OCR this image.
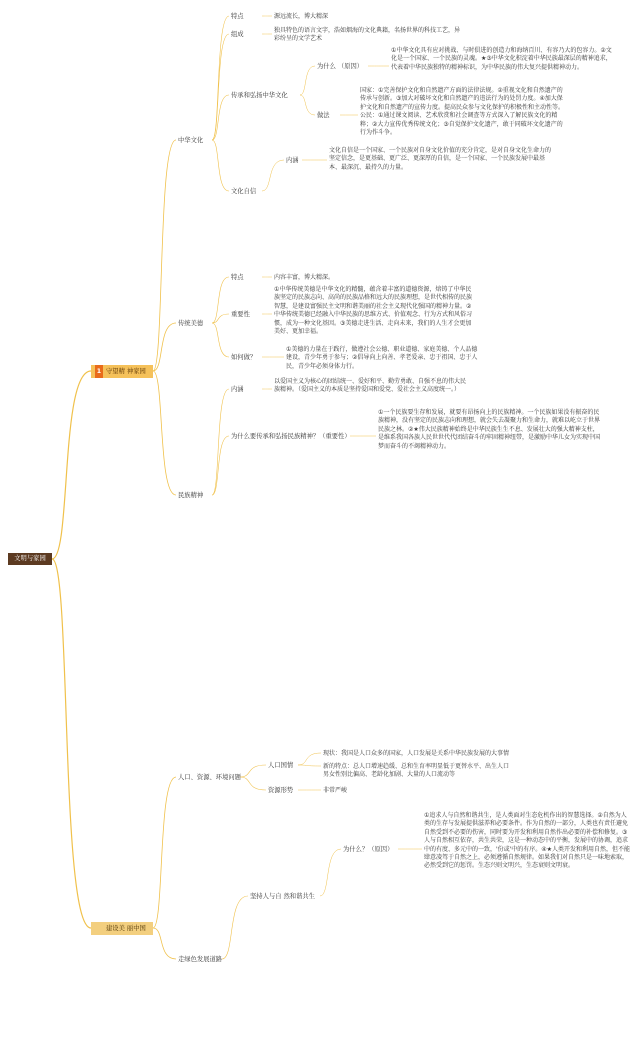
文明与家园
1 守望精 神家园
建设美 丽中国
中华文化
特点	源远流长，博大精深
组成
独具特色的语言文字，浩如烟海的文化典籍，名扬世界的科技工艺，异彩纷呈的文学艺术
传承和弘扬中华文化
为什么 （原因）
①中华文化具有应对挑战、与时俱进的创造力和海纳百川、有容乃大的包容力。②文化是一个国家、一个民族的灵魂。★③中华文化积淀着中华民族最深层的精神追求，代表着中华民族独特的精神标识，为中华民族的伟大复兴提供精神动力。
做法
国家：①完善保护文化和自然遗产方面的法律法规。②重视文化和自然遗产的传承与创新。③加大对破坏文化和自然遗产的违法行为的处罚力度。④加大保护文化和自然遗产的宣传力度。提高民众参与文化保护的积极性和主动性等。公民：①通过课文阅读、艺术欣赏和社会调查等方式深入了解民族文化的精粹；②大力宣传优秀传统文化；③自觉保护文化遗产，敢于同破坏文化遗产的行为作斗争。
文化自信
内涵
文化自信是一个国家、一个民族对自身文化价值的充分肯定，是对自身文化生命力的坚定信念，是更基础、更广泛、更深厚的自信，是一个国家、一个民族发展中最基本、最深沉、最持久的力量。
传统美德
特点	内容丰富，博大精深。
重要性
①中华传统美德是中华文化的精髓，蕴含着丰富的道德资源，熔铸了中华民族坚定的民族志向、高尚的民族品格和远大的民族理想，是世代相传的民族智慧，是建设富强民主文明和谐美丽的社会主义现代化强国的精神力量。②中华传统美德已经融入中华民族的思维方式、价值观念、行为方式和风俗习惯，成为一种文化基因。③美德走进生活、走向未来，我们的人生才会更加美好、更加幸福。
如何做？
①美德的力量在于践行，做遵社会公德、职业道德、家庭美德、个人品德建设，青少年勇于参与；②倡导向上向善、孝老爱亲、忠于祖国、忠于人民，青少年必须身体力行。
民族精神
内涵
以爱国主义为核心的团结统一、爱好和平、勤劳勇敢、自强不息的伟大民族精神。（爱国主义的本质是坚持爱国和爱党、爱社会主义高度统一。）
为什么要传承和弘扬民族精神？（重要性）
①一个民族要生存和发展，就要有昂扬向上的民族精神。一个民族如果没有振奋的民族精神，没有坚定的民族志向和理想，就会失去凝聚力和生命力，就难以屹立于世界民族之林。②★伟大民族精神始终是中华民族生生不息、发展壮大的强大精神支柱，是维系我国各族人民世世代代团结奋斗的牢固精神纽带，是激励中华儿女为实现中国梦而奋斗的不竭精神动力。
人口、资源、环境问题
人口国情
现状：我国是人口众多的国家，人口发展是关系中华民族发展的大事情
新的特点：总人口增速趋缓、总和生育率明显低于更替水平、出生人口男女性别比偏高、老龄化加剧、大量的人口流动等
资源形势	非常严峻
走绿色发展道路
坚持人与自 然和谐共生
为什么？（原因）
①追求人与自然和谐共生，是人类面对生态危机作出的智慧选择。②自然为人类的生存与发展提供滋养和必要条件。作为自然的一部分，人类也有责任避免自然受到不必要的伤害，同时要为开发和利用自然作出必要的补偿和修复。③人与自然相互依存，共生共荣，这是一种动态中的平衡，发展中的协调，追求中的有度、多元中的一致，'份或'中的有序。④★人类开发和利用自然，但不能肆意凌驾于自然之上，必须遵循自然规律。如果我们对自然只是一味地索取，必然受到它的惩罚。生态兴则文明兴，生态衰则文明衰。
